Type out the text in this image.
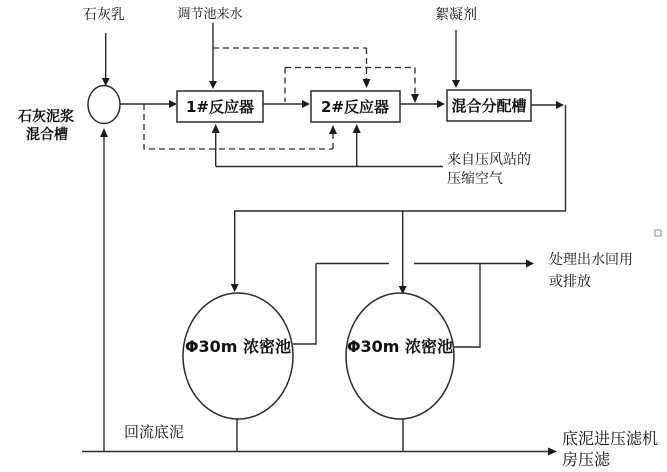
石灰乳	调节池来水	絮凝剂
石灰泥浆
混合槽
1#反应器	2#反应器	混合分配槽
来自压风站的
压缩空气
处理出水回用
或排放
Φ30m 浓密池	Φ30m 浓密池
回流底泥	底泥进压滤机
房压滤
